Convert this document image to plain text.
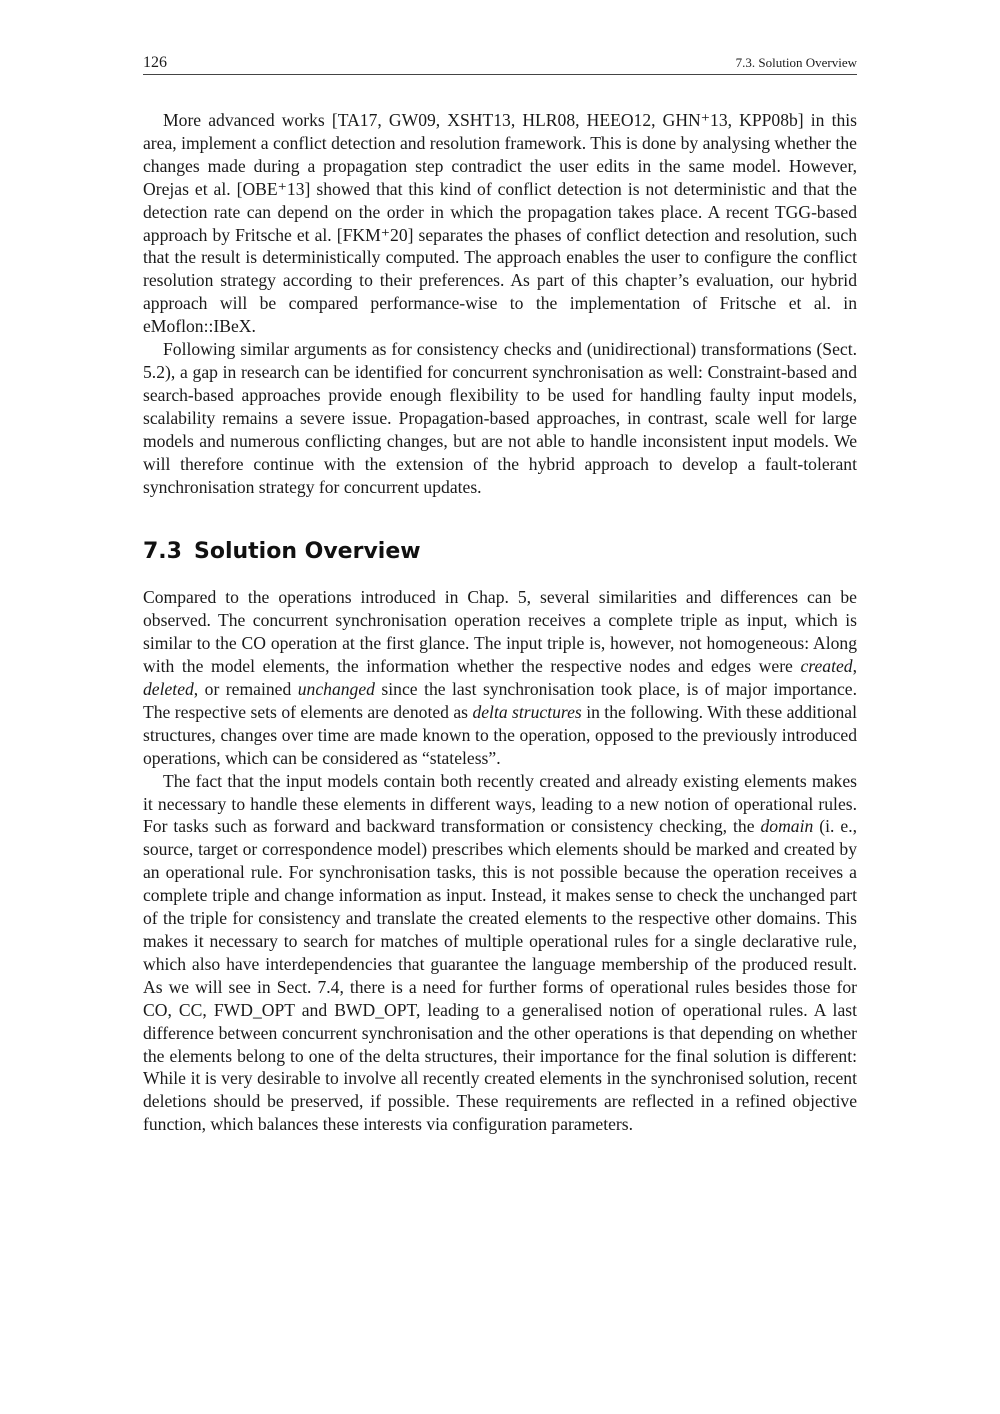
126	7.3. Solution Overview

More advanced works [TA17, GW09, XSHT13, HLR08, HEEO12, GHN⁺13, KPP08b] in this area, implement a conflict detection and resolution framework. This is done by analysing whether the changes made during a propagation step contradict the user edits in the same model. However, Orejas et al. [OBE⁺13] showed that this kind of conflict detection is not deterministic and that the detection rate can depend on the order in which the propagation takes place. A recent TGG-based approach by Fritsche et al. [FKM⁺20] separates the phases of conflict detection and resolution, such that the result is deterministically computed. The approach enables the user to configure the conflict resolution strategy according to their preferences. As part of this chapter’s evaluation, our hybrid approach will be compared performance-wise to the implementation of Fritsche et al. in eMoflon::IBeX.

Following similar arguments as for consistency checks and (unidirectional) transformations (Sect. 5.2), a gap in research can be identified for concurrent synchronisation as well: Constraint-based and search-based approaches provide enough flexibility to be used for handling faulty input models, scalability remains a severe issue. Propagation-based approaches, in contrast, scale well for large models and numerous conflicting changes, but are not able to handle inconsistent input models. We will therefore continue with the extension of the hybrid approach to develop a fault-tolerant synchronisation strategy for concurrent updates.

7.3 Solution Overview

Compared to the operations introduced in Chap. 5, several similarities and differences can be observed. The concurrent synchronisation operation receives a complete triple as input, which is similar to the CO operation at the first glance. The input triple is, however, not homogeneous: Along with the model elements, the information whether the respective nodes and edges were created, deleted, or remained unchanged since the last synchronisation took place, is of major importance. The respective sets of elements are denoted as delta structures in the following. With these additional structures, changes over time are made known to the operation, opposed to the previously introduced operations, which can be considered as “stateless”.

The fact that the input models contain both recently created and already existing elements makes it necessary to handle these elements in different ways, leading to a new notion of operational rules. For tasks such as forward and backward transformation or consistency checking, the domain (i. e., source, target or correspondence model) prescribes which elements should be marked and created by an operational rule. For synchronisation tasks, this is not possible because the operation receives a complete triple and change information as input. Instead, it makes sense to check the unchanged part of the triple for consistency and translate the created elements to the respective other domains. This makes it necessary to search for matches of multiple operational rules for a single declarative rule, which also have interdependencies that guarantee the language membership of the produced result. As we will see in Sect. 7.4, there is a need for further forms of operational rules besides those for CO, CC, FWD_OPT and BWD_OPT, leading to a generalised notion of operational rules. A last difference between concurrent synchronisation and the other operations is that depending on whether the elements belong to one of the delta structures, their importance for the final solution is different: While it is very desirable to involve all recently created elements in the synchronised solution, recent deletions should be preserved, if possible. These requirements are reflected in a refined objective function, which balances these interests via configuration parameters.
